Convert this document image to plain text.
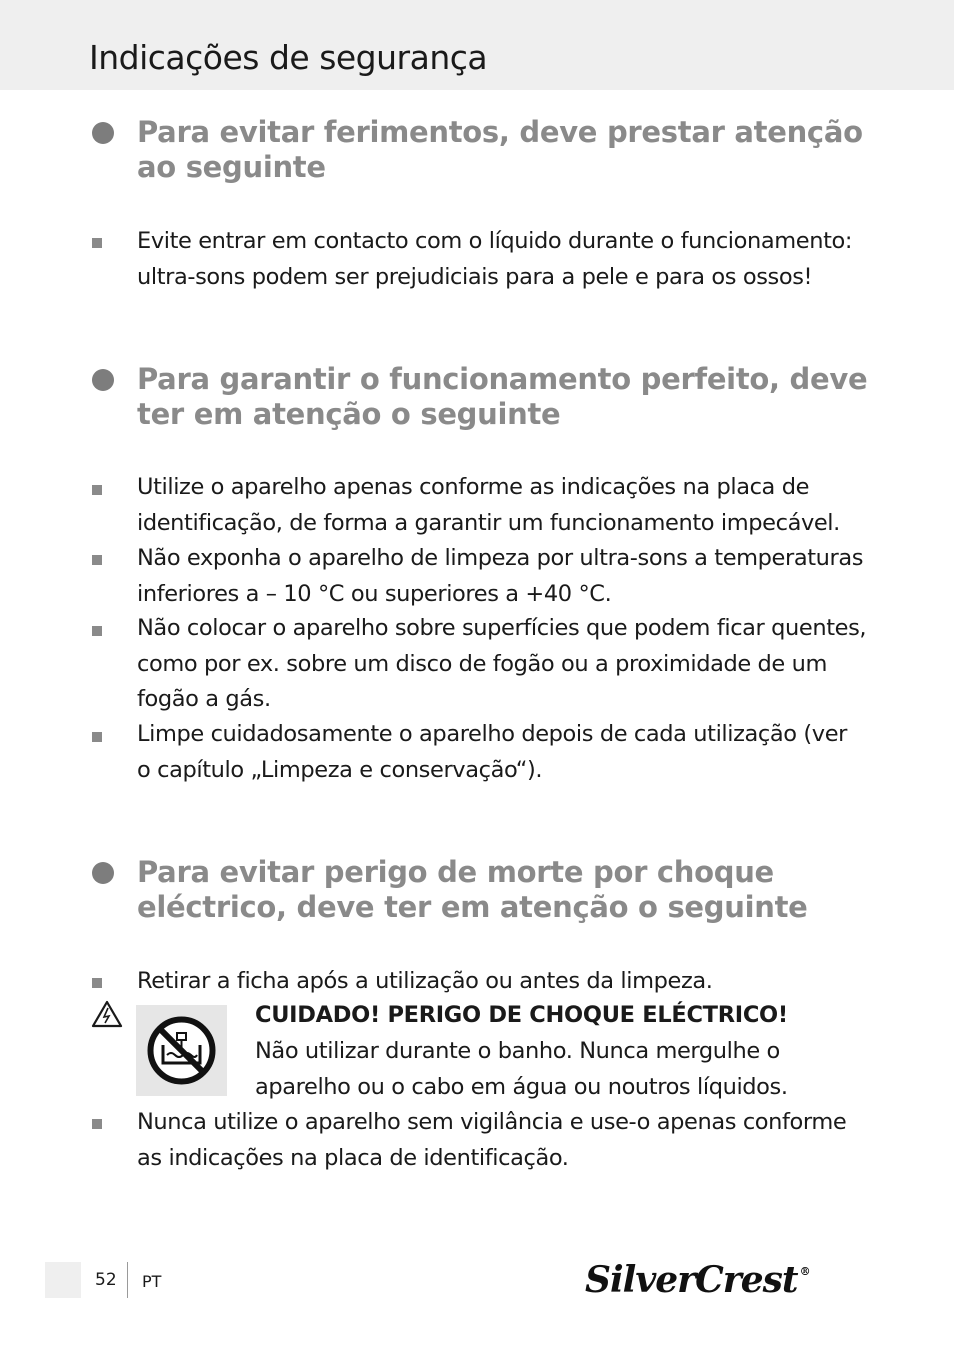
Indicações de segurança
Para evitar ferimentos, deve prestar atenção ao seguinte
Evite entrar em contacto com o líquido durante o funcionamento: ultra-sons podem ser prejudiciais para a pele e para os ossos!
Para garantir o funcionamento perfeito, deve ter em atenção o seguinte
Utilize o aparelho apenas conforme as indicações na placa de identificação, de forma a garantir um funcionamento impecável.
Não exponha o aparelho de limpeza por ultra-sons a temperaturas inferiores a – 10 °C ou superiores a +40 °C.
Não colocar o aparelho sobre superfícies que podem ficar quentes, como por ex. sobre um disco de fogão ou a proximidade de um fogão a gás.
Limpe cuidadosamente o aparelho depois de cada utilização (ver o capítulo „Limpeza e conservação“).
Para evitar perigo de morte por choque eléctrico, deve ter em atenção o seguinte
Retirar a ficha após a utilização ou antes da limpeza.
CUIDADO! PERIGO DE CHOQUE ELÉCTRICO!
Não utilizar durante o banho. Nunca mergulhe o aparelho ou o cabo em água ou noutros líquidos.
Nunca utilize o aparelho sem vigilância e use-o apenas conforme as indicações na placa de identificação.
52 PT	SilverCrest ®
